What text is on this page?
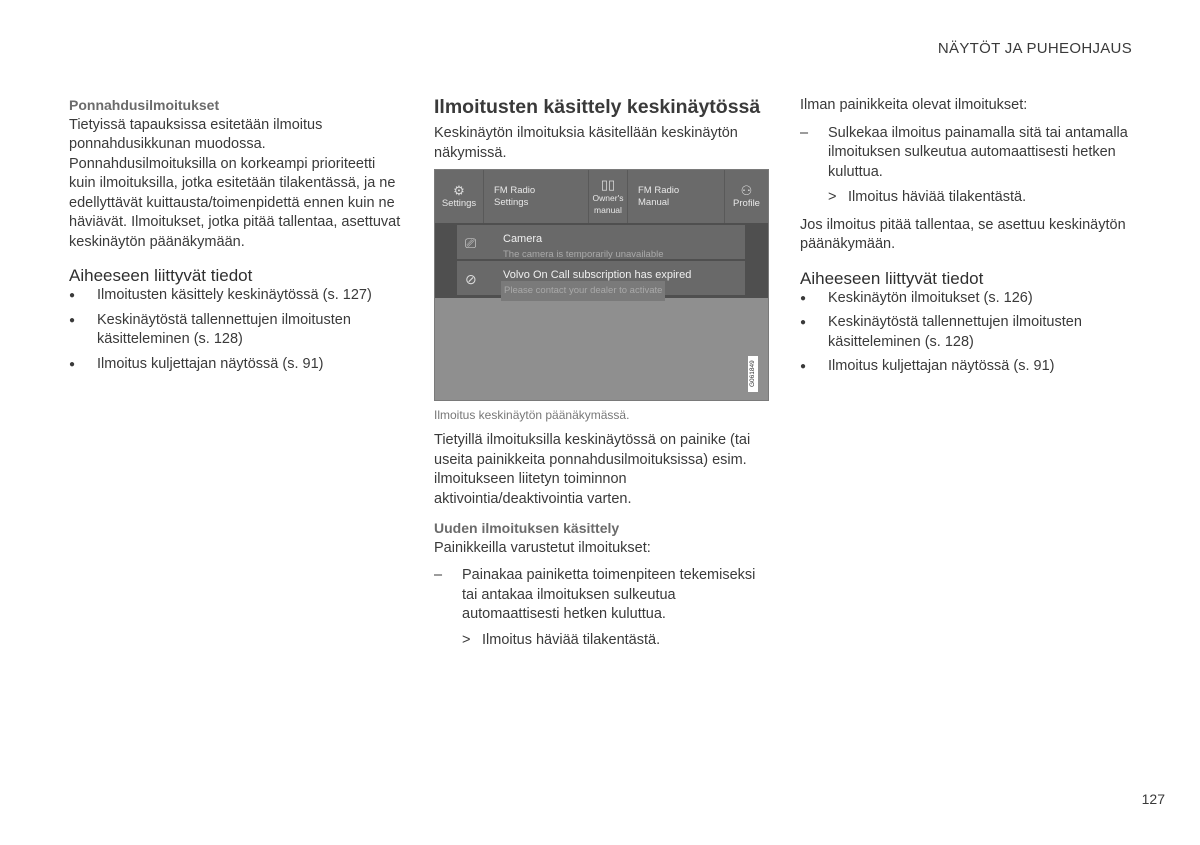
NÄYTÖT JA PUHEOHJAUS

Ponnahdusilmoitukset

Tietyissä tapauksissa esitetään ilmoitus ponnahdusikkunan muodossa. Ponnahdusilmoituksilla on korkeampi prioriteetti kuin ilmoituksilla, jotka esitetään tilakentässä, ja ne edellyttävät kuittausta/toimenpidettä ennen kuin ne häviävät. Ilmoitukset, jotka pitää tallentaa, asettuvat keskinäytön päänäkymään.

Aiheeseen liittyvät tiedot

● Ilmoitusten käsittely keskinäytössä (s. 127)
● Keskinäytöstä tallennettujen ilmoitusten käsitteleminen (s. 128)
● Ilmoitus kuljettajan näytössä (s. 91)

Ilmoitusten käsittely keskinäytössä

Keskinäytön ilmoituksia käsitellään keskinäytön näkymissä.

⚙
Settings
FM Radio
Settings
▯▯
Owner's
manual
FM Radio
Manual
⚇
Profile
⎚ Camera
The camera is temporarily unavailable
⊘ Volvo On Call subscription has expired
Please contact your dealer to activate
G061849

Ilmoitus keskinäytön päänäkymässä.

Tietyillä ilmoituksilla keskinäytössä on painike (tai useita painikkeita ponnahdusilmoituksissa) esim. ilmoitukseen liitetyn toiminnon aktivointia/deaktivointia varten.

Uuden ilmoituksen käsittely

Painikkeilla varustetut ilmoitukset:

– Painakaa painiketta toimenpiteen tekemiseksi tai antakaa ilmoituksen sulkeutua automaattisesti hetken kuluttua.

> Ilmoitus häviää tilakentästä.

Ilman painikkeita olevat ilmoitukset:

– Sulkekaa ilmoitus painamalla sitä tai antamalla ilmoituksen sulkeutua automaattisesti hetken kuluttua.

> Ilmoitus häviää tilakentästä.

Jos ilmoitus pitää tallentaa, se asettuu keskinäytön päänäkymään.

Aiheeseen liittyvät tiedot

● Keskinäytön ilmoitukset (s. 126)
● Keskinäytöstä tallennettujen ilmoitusten käsitteleminen (s. 128)
● Ilmoitus kuljettajan näytössä (s. 91)
127
